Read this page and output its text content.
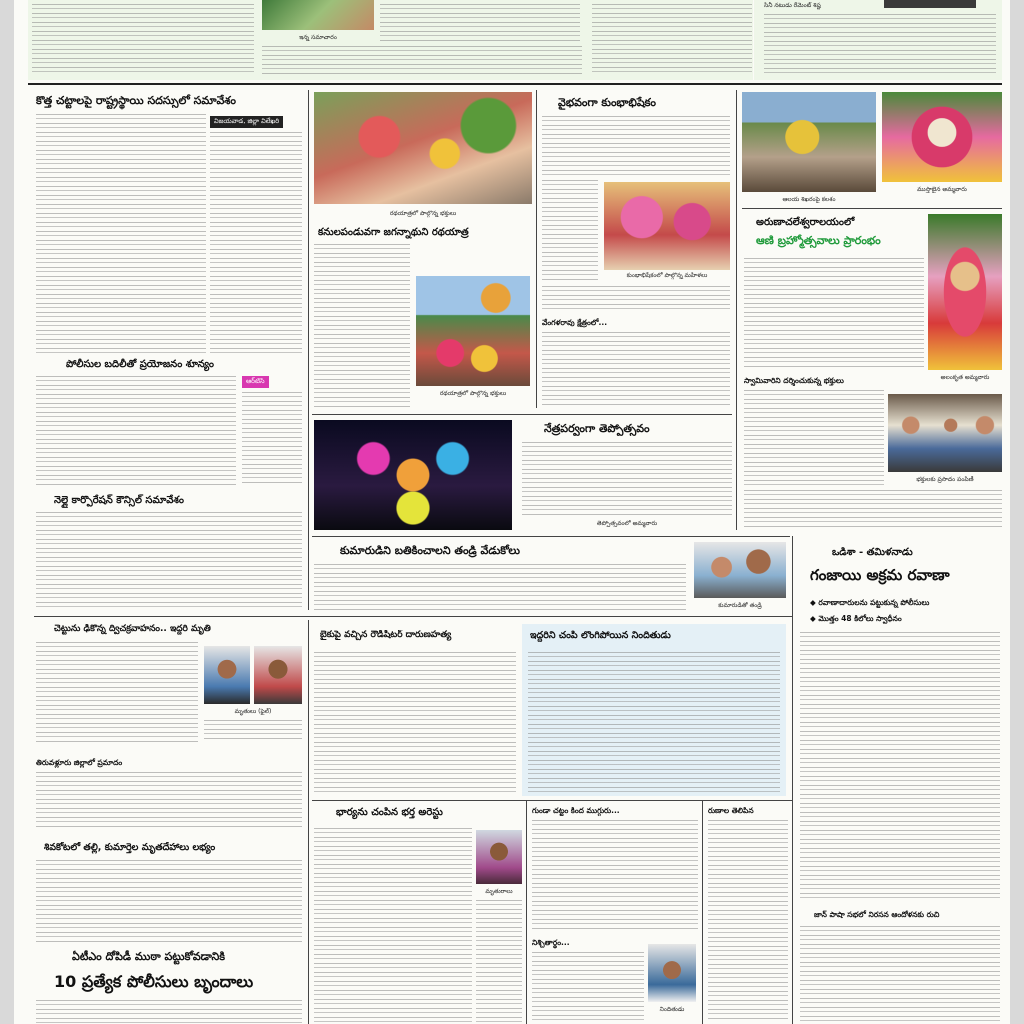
ఇన్న సమాచారం
సినీ నటుడు రేమెంట్ శిష్ట
కొత్త చట్టాలపై రాష్ట్రస్థాయి సదస్సులో సమావేశం
విజయవాడ, జిల్లా విలేఖరి
పోలీసుల బదిలీతో ప్రయోజనం శూన్యం
ఆర్‌టిసి
నెల్లై కార్పొరేషన్ కౌన్సిల్ సమావేశం
రథయాత్రలో పాల్గొన్న భక్తులు
కనులపండువగా జగన్నాథుని రథయాత్ర
రథయాత్రలో పాల్గొన్న భక్తులు
వైభవంగా కుంభాభిషేకం
కుంభాభిషేకంలో పాల్గొన్న మహిళలు
వేంగళరావు క్షేత్రంలో...
ఆలయ శిఖరంపై కలశం
ముస్తాబైన అమ్మవారు
అరుణాచలేశ్వరాలయంలో
ఆణి బ్రహ్మోత్సవాలు ప్రారంభం
అలంకృత అమ్మవారు
స్వామివారిని దర్శించుకున్న భక్తులు
భక్తులకు ప్రసాదం పంపిణీ
నేత్రపర్వంగా తెప్పోత్సవం
తెప్పోత్సవంలో అమ్మవారు
కుమారుడిని బతికించాలని తండ్రి వేడుకోలు
కుమారుడితో తండ్రి
ఒడిశా - తమిళనాడు
గంజాయి అక్రమ రవాణా
◆ రవాణాదారులను పట్టుకున్న పోలీసులు
◆ మొత్తం 48 కిలోలు స్వాధీనం
జాన్ పాషా సభలో నిరసన ఆందోళనకు రుచి
చెట్టును ఢీకొన్న ద్విచక్రవాహనం.. ఇద్దరి మృతి
మృతులు (ఫైల్)
తిరువళ్లూరు జిల్లాలో ప్రమాదం
శివకోటలో తల్లి, కుమార్తెల మృతదేహాలు లభ్యం
ఏటీఎం దోపిడీ ముఠా పట్టుకోవడానికి
10 ప్రత్యేక పోలీసులు బృందాలు
బైకుపై వచ్చిన రౌడీషీటర్ దారుణహత్య	ఇద్దరిని చంపి లొంగిపోయిన నిందితుడు
భార్యను చంపిన భర్త అరెస్టు
మృతురాలు
గుండా చట్టం కింద ముగ్గురు...
నిశ్చితార్థం...
నిందితుడు
రుణాల తెలిపిన
